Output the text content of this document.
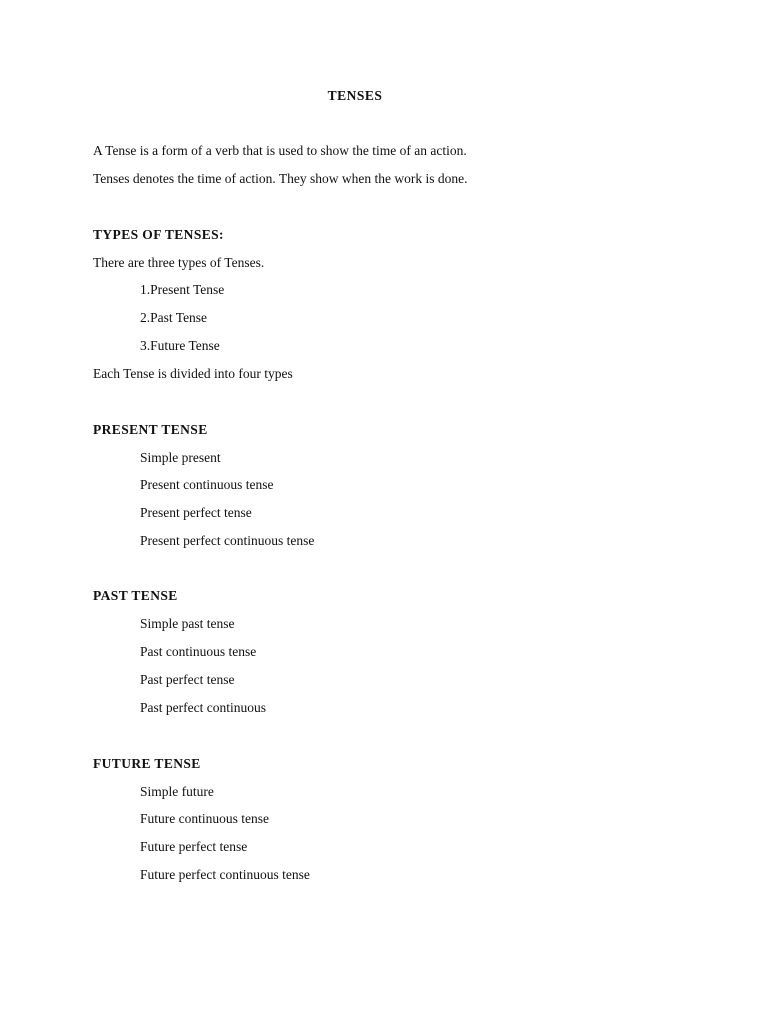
TENSES
A Tense is a form of a verb that is used to show the time of an action.
Tenses denotes the time of action. They show when the work is done.
TYPES OF TENSES:
There are three types of Tenses.
1.Present Tense
2.Past Tense
3.Future Tense
Each Tense is divided into four types
PRESENT TENSE
Simple present
Present continuous tense
Present perfect tense
Present perfect continuous tense
PAST TENSE
Simple past tense
Past continuous tense
Past perfect tense
Past perfect continuous
FUTURE TENSE
Simple future
Future continuous tense
Future perfect tense
Future perfect continuous tense
